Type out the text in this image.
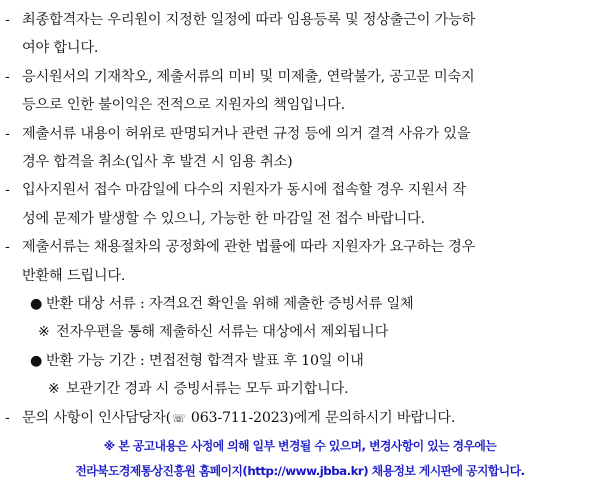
- 최종합격자는 우리원이 지정한 일정에 따라 임용등록 및 정상출근이 가능하
여야 합니다.
- 응시원서의 기재착오, 제출서류의 미비 및 미제출, 연락불가, 공고문 미숙지
등으로 인한 불이익은 전적으로 지원자의 책임입니다.
- 제출서류 내용이 허위로 판명되거나 관련 규정 등에 의거 결격 사유가 있을
경우 합격을 취소(입사 후 발견 시 임용 취소)
- 입사지원서 접수 마감일에 다수의 지원자가 동시에 접속할 경우 지원서 작
성에 문제가 발생할 수 있으니, 가능한 한 마감일 전 접수 바랍니다.
- 제출서류는 채용절차의 공정화에 관한 법률에 따라 지원자가 요구하는 경우
반환해 드립니다.
● 반환 대상 서류 : 자격요건 확인을 위해 제출한 증빙서류 일체
※ 전자우편을 통해 제출하신 서류는 대상에서 제외됩니다
● 반환 가능 기간 : 면접전형 합격자 발표 후 10일 이내
※ 보관기간 경과 시 증빙서류는 모두 파기합니다.
- 문의 사항이 인사담당자(☏ 063-711-2023)에게 문의하시기 바랍니다.
※ 본 공고내용은 사정에 의해 일부 변경될 수 있으며, 변경사항이 있는 경우에는
전라북도경제통상진흥원 홈페이지(http://www.jbba.kr) 채용정보 게시판에 공지합니다.
